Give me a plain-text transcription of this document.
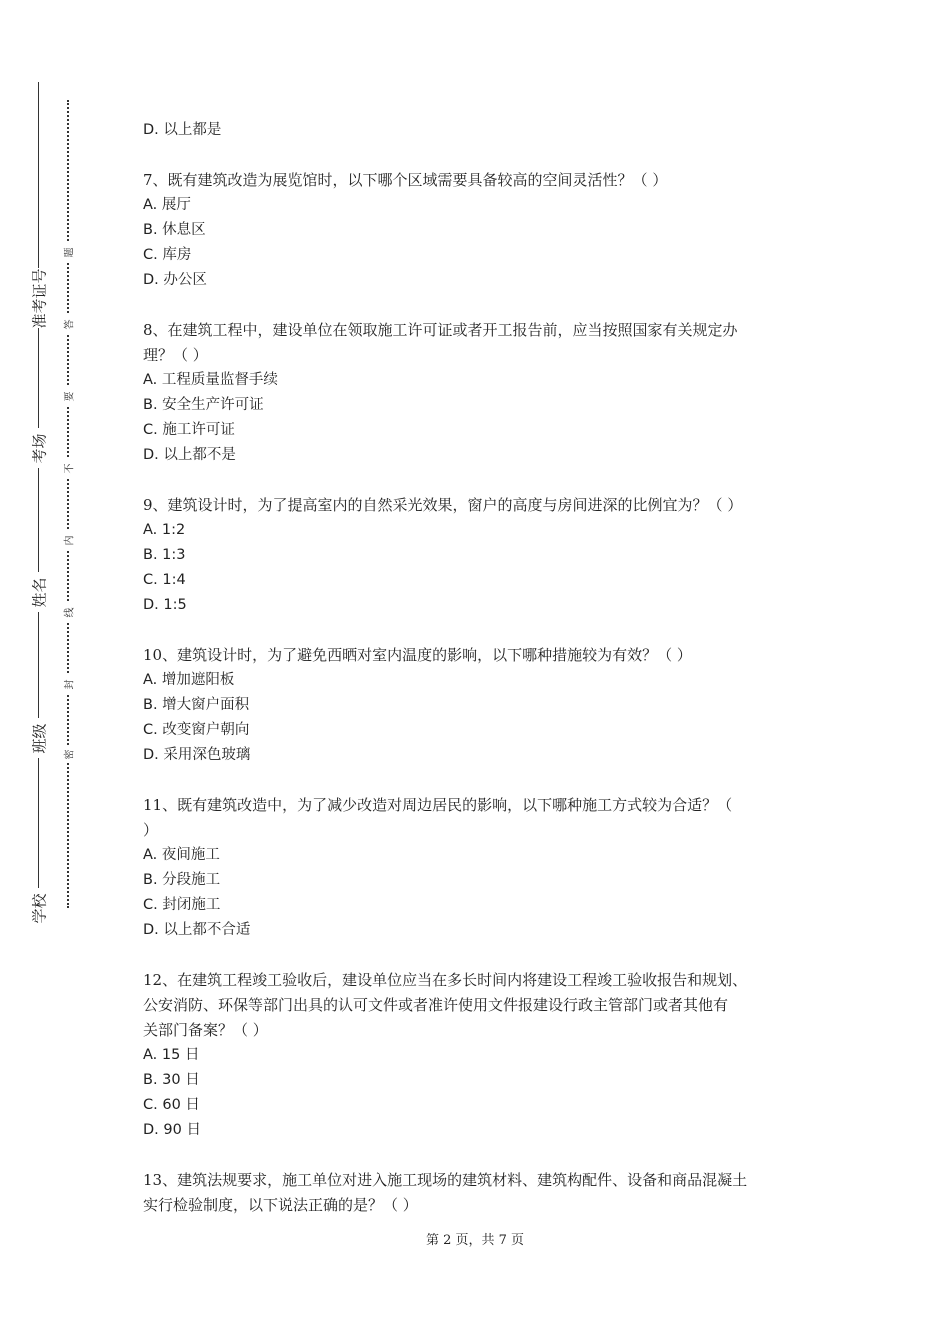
学校
班级
姓名
考场
准考证号
题
答
要
不
内
线
封
密
D. 以上都是
7、既有建筑改造为展览馆时，以下哪个区域需要具备较高的空间灵活性？（ ）
A. 展厅
B. 休息区
C. 库房
D. 办公区
8、在建筑工程中，建设单位在领取施工许可证或者开工报告前，应当按照国家有关规定办
理？（ ）
A. 工程质量监督手续
B. 安全生产许可证
C. 施工许可证
D. 以上都不是
9、建筑设计时，为了提高室内的自然采光效果，窗户的高度与房间进深的比例宜为？（ ）
A. 1:2
B. 1:3
C. 1:4
D. 1:5
10、建筑设计时，为了避免西晒对室内温度的影响，以下哪种措施较为有效？（ ）
A. 增加遮阳板
B. 增大窗户面积
C. 改变窗户朝向
D. 采用深色玻璃
11、既有建筑改造中，为了减少改造对周边居民的影响，以下哪种施工方式较为合适？（
）
A. 夜间施工
B. 分段施工
C. 封闭施工
D. 以上都不合适
12、在建筑工程竣工验收后，建设单位应当在多长时间内将建设工程竣工验收报告和规划、
公安消防、环保等部门出具的认可文件或者准许使用文件报建设行政主管部门或者其他有
关部门备案？（ ）
A. 15 日
B. 30 日
C. 60 日
D. 90 日
13、建筑法规要求，施工单位对进入施工现场的建筑材料、建筑构配件、设备和商品混凝土
实行检验制度，以下说法正确的是？（ ）
第 2 页，共 7 页
